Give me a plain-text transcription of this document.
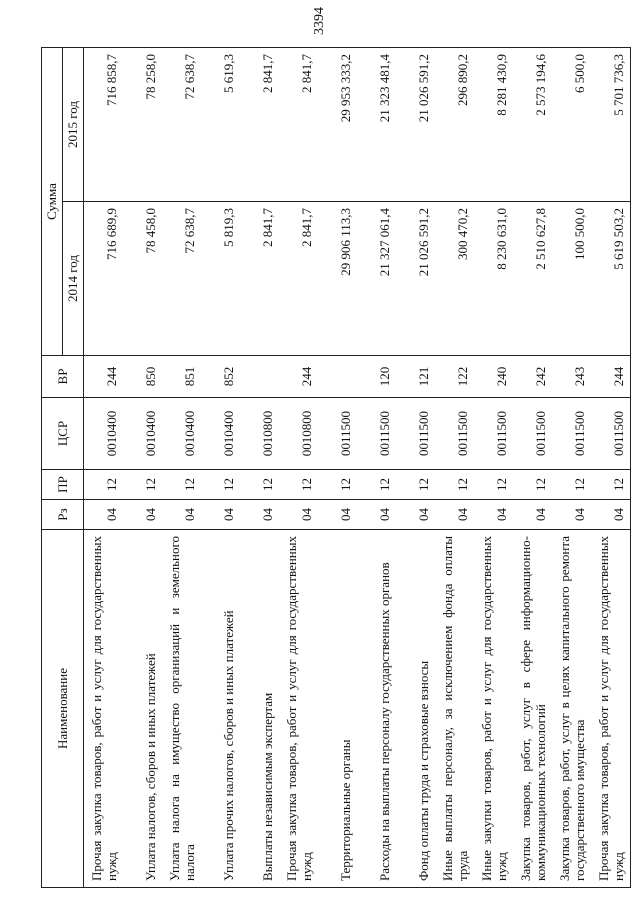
3394
Наименование	Рз	ПР	ЦСР	ВР	Сумма	
					2014 год	2015 год
Прочая закупка товаров, работ и услуг для государственных нужд	04	12	0010400	244	716 689,9	716 858,7
Уплата налогов, сборов и иных платежей	04	12	0010400	850	78 458,0	78 258,0
Уплата налога на имущество организаций и земельного налога	04	12	0010400	851	72 638,7	72 638,7
Уплата прочих налогов, сборов и иных платежей	04	12	0010400	852	5 819,3	5 619,3
Выплаты независимым экспертам	04	12	0010800		2 841,7	2 841,7
Прочая закупка товаров, работ и услуг для государственных нужд	04	12	0010800	244	2 841,7	2 841,7
Территориальные органы	04	12	0011500		29 906 113,3	29 953 333,2
Расходы на выплаты персоналу государственных органов	04	12	0011500	120	21 327 061,4	21 323 481,4
Фонд оплаты труда и страховые взносы	04	12	0011500	121	21 026 591,2	21 026 591,2
Иные выплаты персоналу, за исключением фонда оплаты труда	04	12	0011500	122	300 470,2	296 890,2
Иные закупки товаров, работ и услуг для государственных нужд	04	12	0011500	240	8 230 631,0	8 281 430,9
Закупка товаров, работ, услуг в сфере информационно-коммуникационных технологий	04	12	0011500	242	2 510 627,8	2 573 194,6
Закупка товаров, работ, услуг в целях капитального ремонта государственного имущества	04	12	0011500	243	100 500,0	6 500,0
Прочая закупка товаров, работ и услуг для государственных нужд	04	12	0011500	244	5 619 503,2	5 701 736,3
